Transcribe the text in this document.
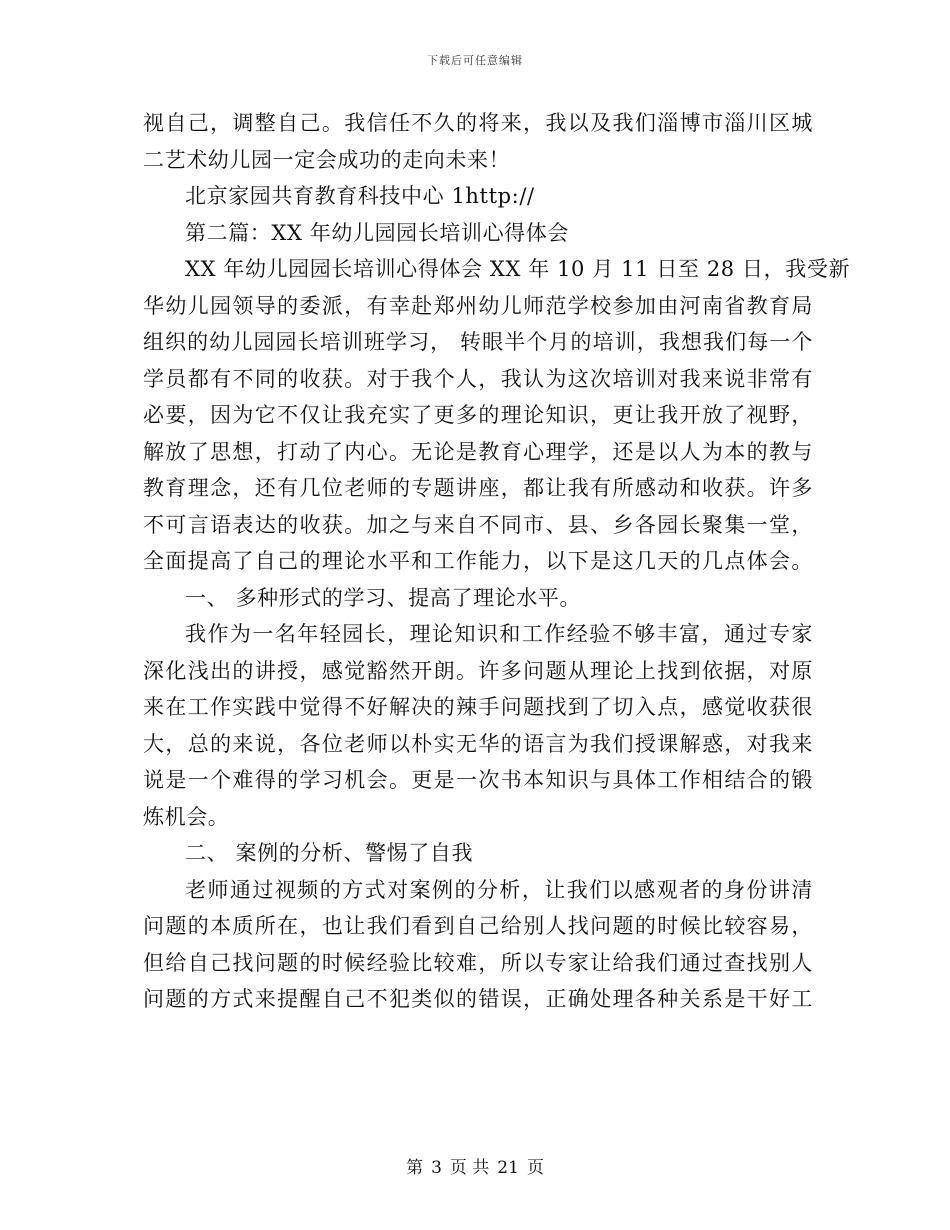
下载后可任意编辑
视自己，调整自己。我信任不久的将来，我以及我们淄博市淄川区城
二艺术幼儿园一定会成功的走向未来！
北京家园共育教育科技中心 1http://
第二篇：XX 年幼儿园园长培训心得体会
XX 年幼儿园园长培训心得体会 XX 年 10 月 11 日至 28 日，我受新
华幼儿园领导的委派，有幸赴郑州幼儿师范学校参加由河南省教育局
组织的幼儿园园长培训班学习， 转眼半个月的培训，我想我们每一个
学员都有不同的收获。对于我个人，我认为这次培训对我来说非常有
必要，因为它不仅让我充实了更多的理论知识，更让我开放了视野，
解放了思想，打动了内心。无论是教育心理学，还是以人为本的教与
教育理念，还有几位老师的专题讲座，都让我有所感动和收获。许多
不可言语表达的收获。加之与来自不同市、县、乡各园长聚集一堂，
全面提高了自己的理论水平和工作能力，以下是这几天的几点体会。
一、 多种形式的学习、提高了理论水平。
我作为一名年轻园长，理论知识和工作经验不够丰富，通过专家
深化浅出的讲授，感觉豁然开朗。许多问题从理论上找到依据，对原
来在工作实践中觉得不好解决的辣手问题找到了切入点，感觉收获很
大，总的来说，各位老师以朴实无华的语言为我们授课解惑，对我来
说是一个难得的学习机会。更是一次书本知识与具体工作相结合的锻
炼机会。
二、 案例的分析、警惕了自我
老师通过视频的方式对案例的分析，让我们以感观者的身份讲清
问题的本质所在，也让我们看到自己给别人找问题的时候比较容易，
但给自己找问题的时候经验比较难，所以专家让给我们通过查找别人
问题的方式来提醒自己不犯类似的错误，正确处理各种关系是干好工
第 3 页 共 21 页
